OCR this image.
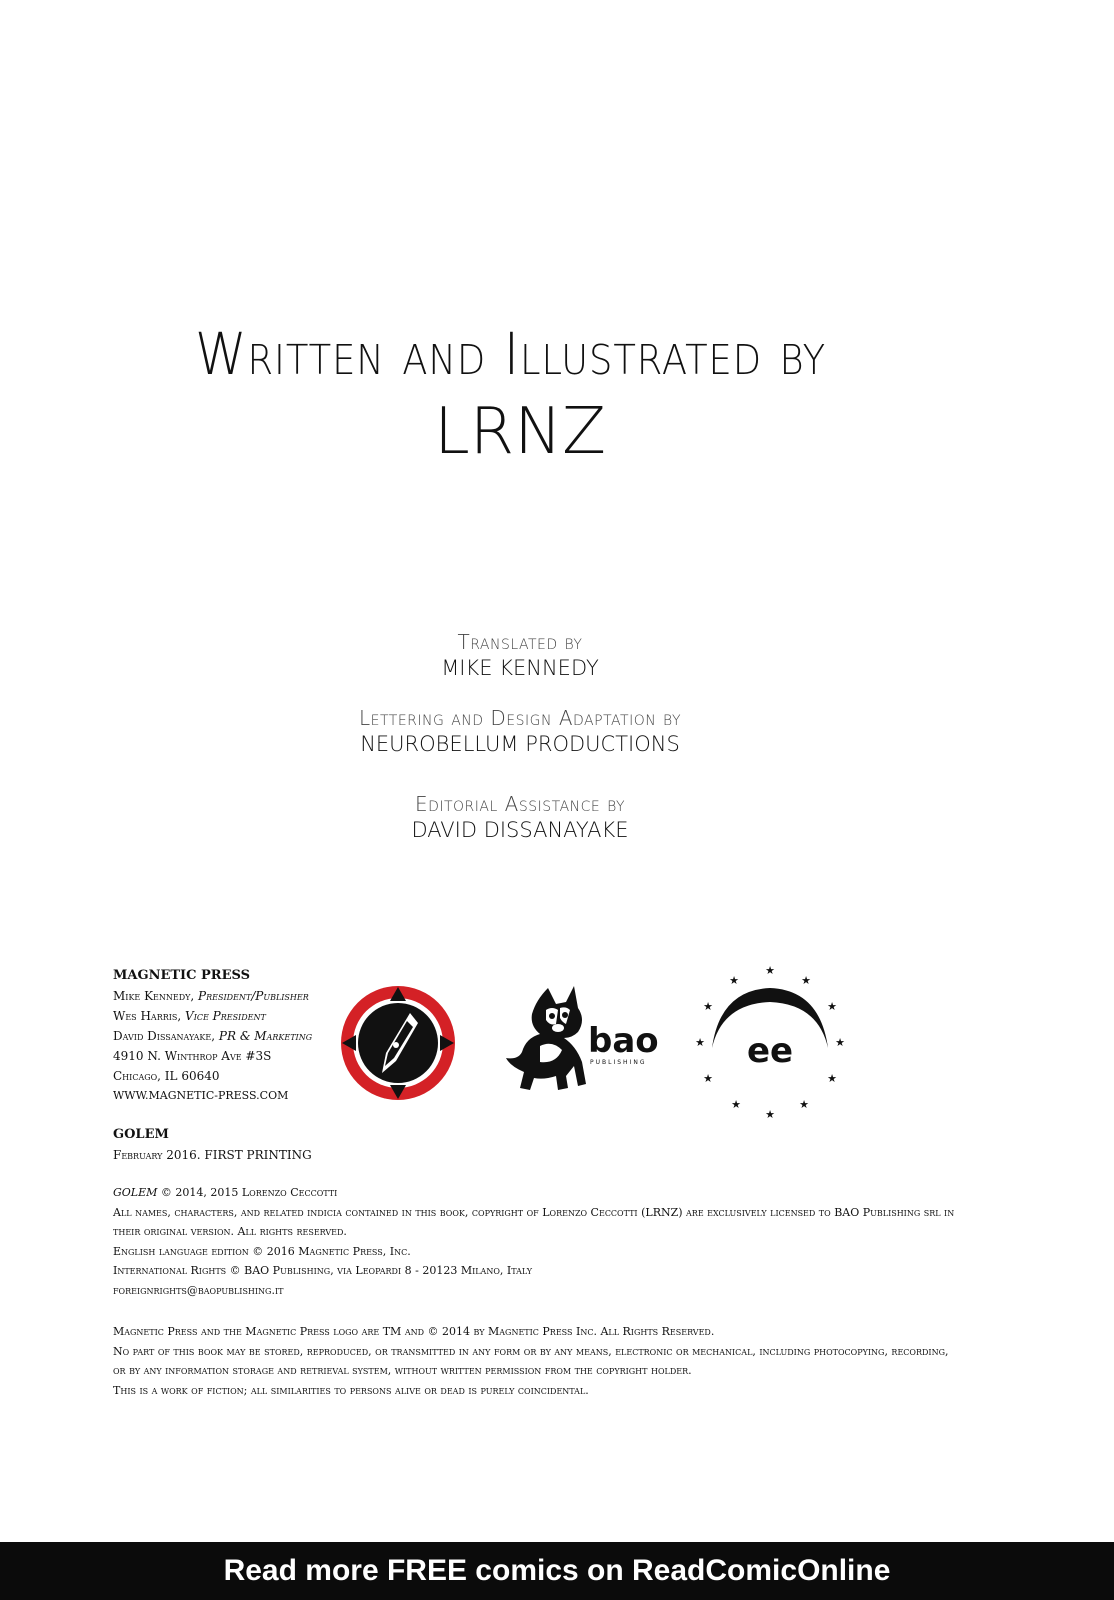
Written and Illustrated by
LRNZ
Translated by
MIKE KENNEDY
Lettering and Design Adaptation by
NEUROBELLUM PRODUCTIONS
Editorial Assistance by
DAVID DISSANAYAKE
MAGNETIC PRESS
Mike Kennedy, President/Publisher
Wes Harris, Vice President
David Dissanayake, PR & Marketing
4910 N. Winthrop Ave #3S
Chicago, IL 60640
WWW.MAGNETIC-PRESS.COM
bao
PUBLISHING
★
★
★
★
★
★
★
★
★
★
★
★
ee
GOLEM
February 2016. FIRST PRINTING
GOLEM © 2014, 2015 Lorenzo Ceccotti
All names, characters, and related indicia contained in this book, copyright of Lorenzo Ceccotti (LRNZ) are exclusively licensed to BAO Publishing srl in
their original version. All rights reserved.
English language edition © 2016 Magnetic Press, Inc.
International Rights © BAO Publishing, via Leopardi 8 - 20123 Milano, Italy
foreignrights@baopublishing.it
Magnetic Press and the Magnetic Press logo are TM and © 2014 by Magnetic Press Inc. All Rights Reserved.
No part of this book may be stored, reproduced, or transmitted in any form or by any means, electronic or mechanical, including photocopying, recording,
or by any information storage and retrieval system, without written permission from the copyright holder.
This is a work of fiction; all similarities to persons alive or dead is purely coincidental.
Read more FREE comics on ReadComicOnline
